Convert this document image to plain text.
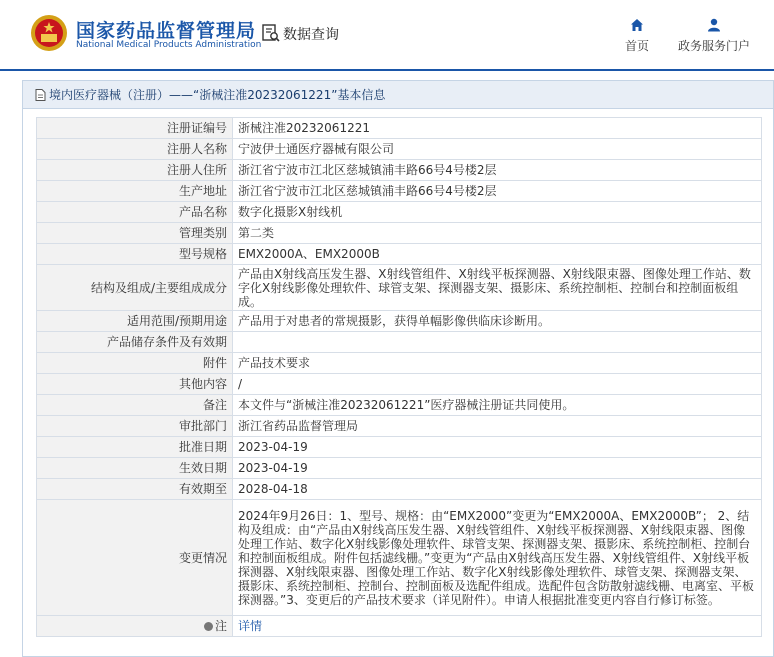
国家药品监督管理局
National Medical Products Administration
数据查询
首页	政务服务门户
境内医疗器械（注册）——“浙械注准20232061221”基本信息
注册证编号	浙械注准20232061221
注册人名称	宁波伊士通医疗器械有限公司
注册人住所	浙江省宁波市江北区慈城镇浦丰路66号4号楼2层
生产地址	浙江省宁波市江北区慈城镇浦丰路66号4号楼2层
产品名称	数字化摄影X射线机
管理类别	第二类
型号规格	EMX2000A、EMX2000B
结构及组成/主要组成成分	产品由X射线高压发生器、X射线管组件、X射线平板探测器、X射线限束器、图像处理工作站、数字化X射线影像处理软件、球管支架、探测器支架、摄影床、系统控制柜、控制台和控制面板组成。
适用范围/预期用途	产品用于对患者的常规摄影，获得单幅影像供临床诊断用。
产品储存条件及有效期	
附件	产品技术要求
其他内容	/
备注	本文件与“浙械注准20232061221”医疗器械注册证共同使用。
审批部门	浙江省药品监督管理局
批准日期	2023-04-19
生效日期	2023-04-19
有效期至	2028-04-18
变更情况	2024年9月26日：1、型号、规格：由“EMX2000”变更为“EMX2000A、EMX2000B”； 2、结构及组成：由“产品由X射线高压发生器、X射线管组件、X射线平板探测器、X射线限束器、图像处理工作站、数字化X射线影像处理软件、球管支架、探测器支架、摄影床、系统控制柜、控制台和控制面板组成。附件包括滤线栅。”变更为“产品由X射线高压发生器、X射线管组件、X射线平板探测器、X射线限束器、图像处理工作站、数字化X射线影像处理软件、球管支架、探测器支架、摄影床、系统控制柜、控制台、控制面板及选配件组成。选配件包含防散射滤线栅、电离室、平板探测器。”3、变更后的产品技术要求（详见附件）。申请人根据批准变更内容自行修订标签。
注	详情
